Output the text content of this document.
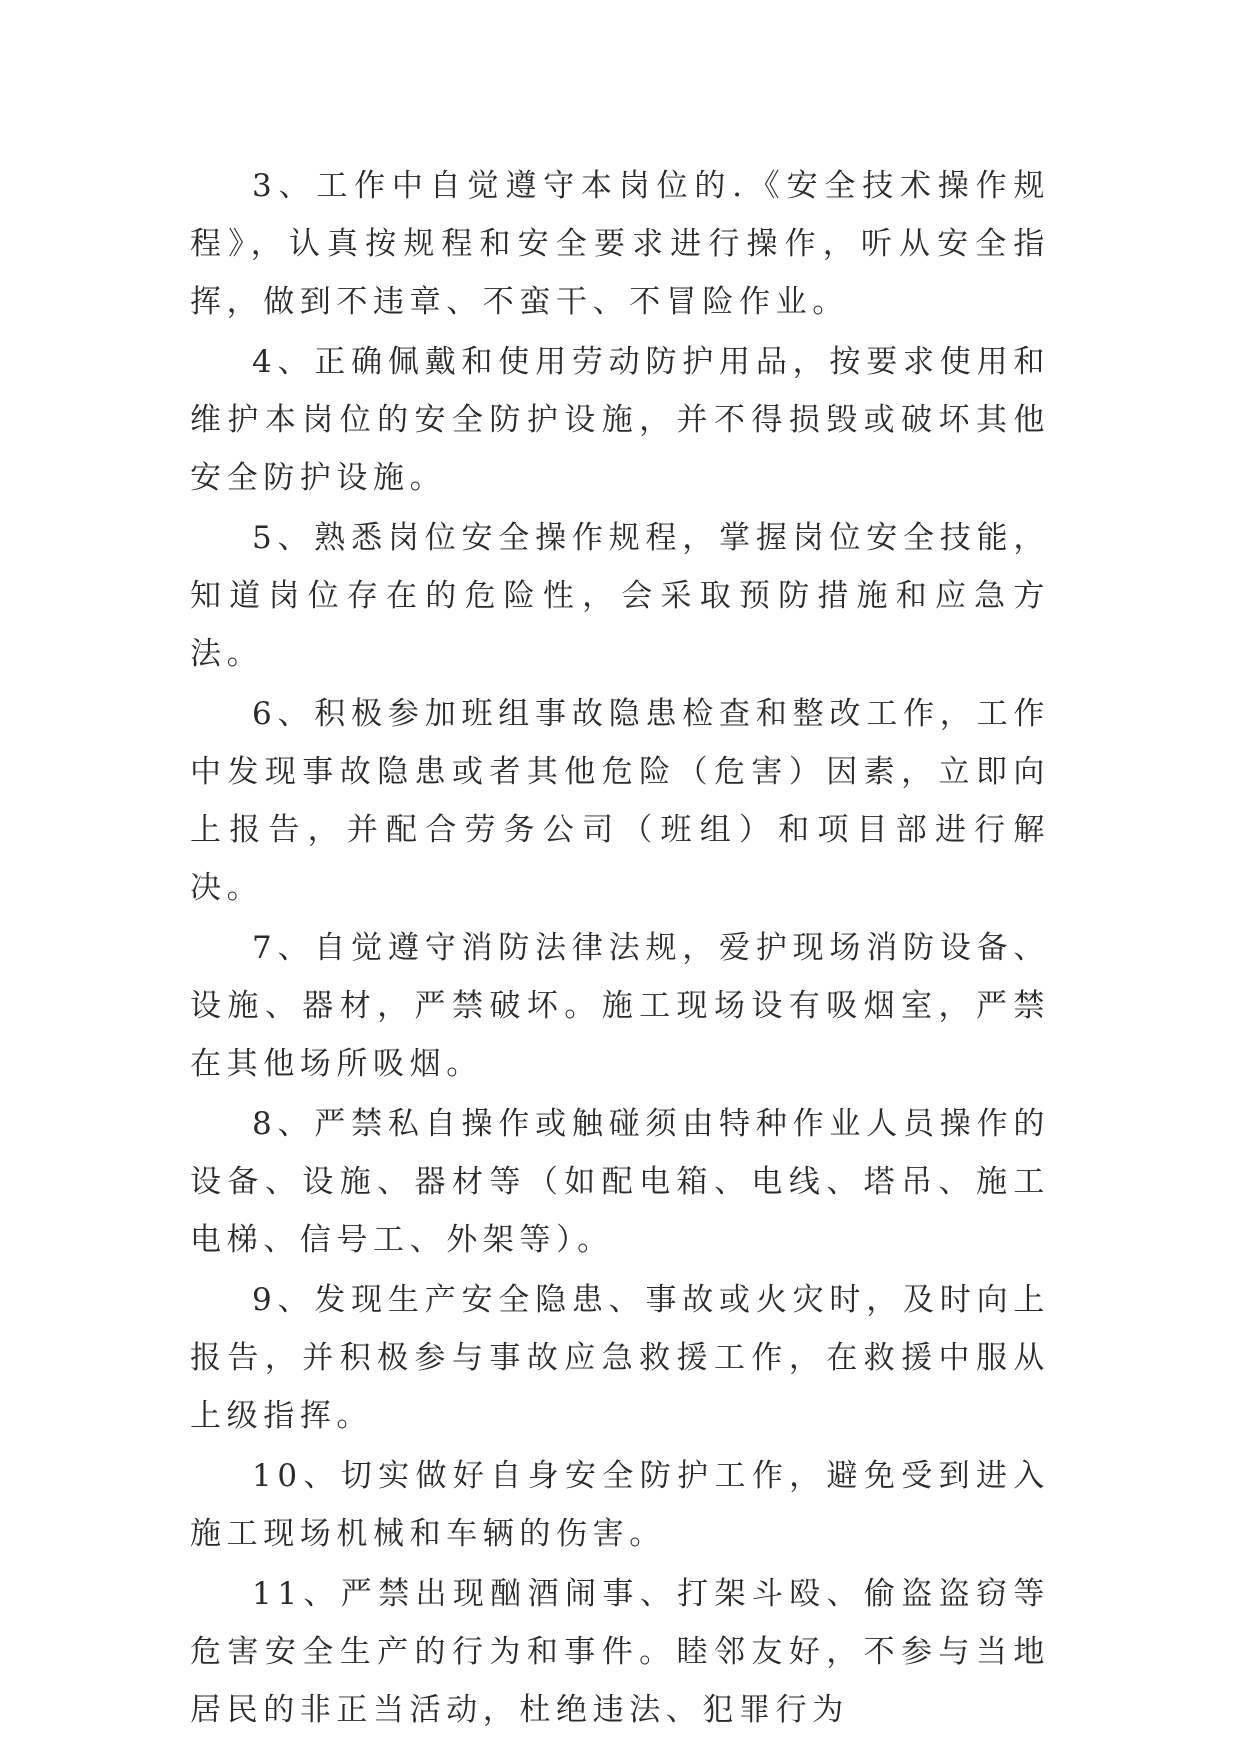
3、工作中自觉遵守本岗位的.《安全技术操作规程》，认真按规程和安全要求进行操作，听从安全指挥，做到不违章、不蛮干、不冒险作业。

4、正确佩戴和使用劳动防护用品，按要求使用和维护本岗位的安全防护设施，并不得损毁或破坏其他安全防护设施。

5、熟悉岗位安全操作规程，掌握岗位安全技能，知道岗位存在的危险性，会采取预防措施和应急方法。

6、积极参加班组事故隐患检查和整改工作，工作中发现事故隐患或者其他危险（危害）因素，立即向上报告，并配合劳务公司（班组）和项目部进行解决。

7、自觉遵守消防法律法规，爱护现场消防设备、设施、器材，严禁破坏。施工现场设有吸烟室，严禁在其他场所吸烟。

8、严禁私自操作或触碰须由特种作业人员操作的设备、设施、器材等（如配电箱、电线、塔吊、施工电梯、信号工、外架等）。

9、发现生产安全隐患、事故或火灾时，及时向上报告，并积极参与事故应急救援工作，在救援中服从上级指挥。

10、切实做好自身安全防护工作，避免受到进入施工现场机械和车辆的伤害。

11、严禁出现酗酒闹事、打架斗殴、偷盗盗窃等危害安全生产的行为和事件。睦邻友好，不参与当地居民的非正当活动，杜绝违法、犯罪行为
